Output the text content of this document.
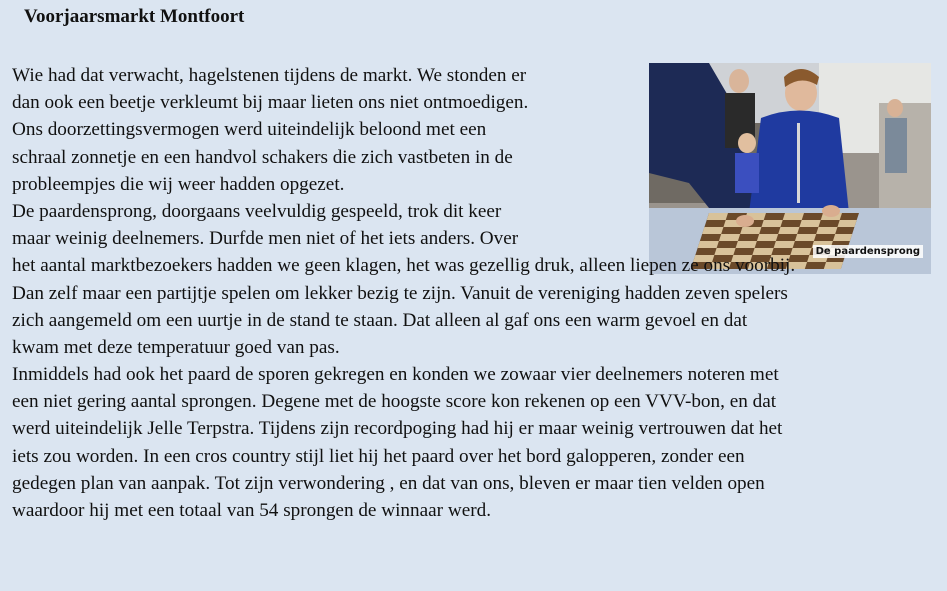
Voorjaarsmarkt Montfoort
De paardensprong
Wie had dat verwacht, hagelstenen tijdens de markt. We stonden er
dan ook een beetje verkleumt bij maar lieten ons niet ontmoedigen.
Ons doorzettingsvermogen werd uiteindelijk beloond met een
schraal zonnetje en een handvol schakers die zich vastbeten in de
probleempjes die wij weer hadden opgezet.
De paardensprong, doorgaans veelvuldig gespeeld, trok dit keer
maar weinig deelnemers. Durfde men niet of het iets anders. Over
het aantal marktbezoekers hadden we geen klagen, het was gezellig druk, alleen liepen ze ons voorbij.
Dan zelf maar een partijtje spelen om lekker bezig te zijn. Vanuit de vereniging hadden zeven spelers
zich aangemeld om een uurtje in de stand te staan. Dat alleen al gaf ons een warm gevoel en dat
kwam met deze temperatuur goed van pas.
Inmiddels had ook het paard de sporen gekregen en konden we zowaar vier deelnemers noteren met
een niet gering aantal sprongen. Degene met de hoogste score kon rekenen op een VVV-bon, en dat
werd uiteindelijk Jelle Terpstra. Tijdens zijn recordpoging had hij er maar weinig vertrouwen dat het
iets zou worden. In een cros country stijl liet hij het paard over het bord galopperen, zonder een
gedegen plan van aanpak. Tot zijn verwondering , en dat van ons, bleven er maar tien velden open
waardoor hij met een totaal van 54 sprongen de winnaar werd.
